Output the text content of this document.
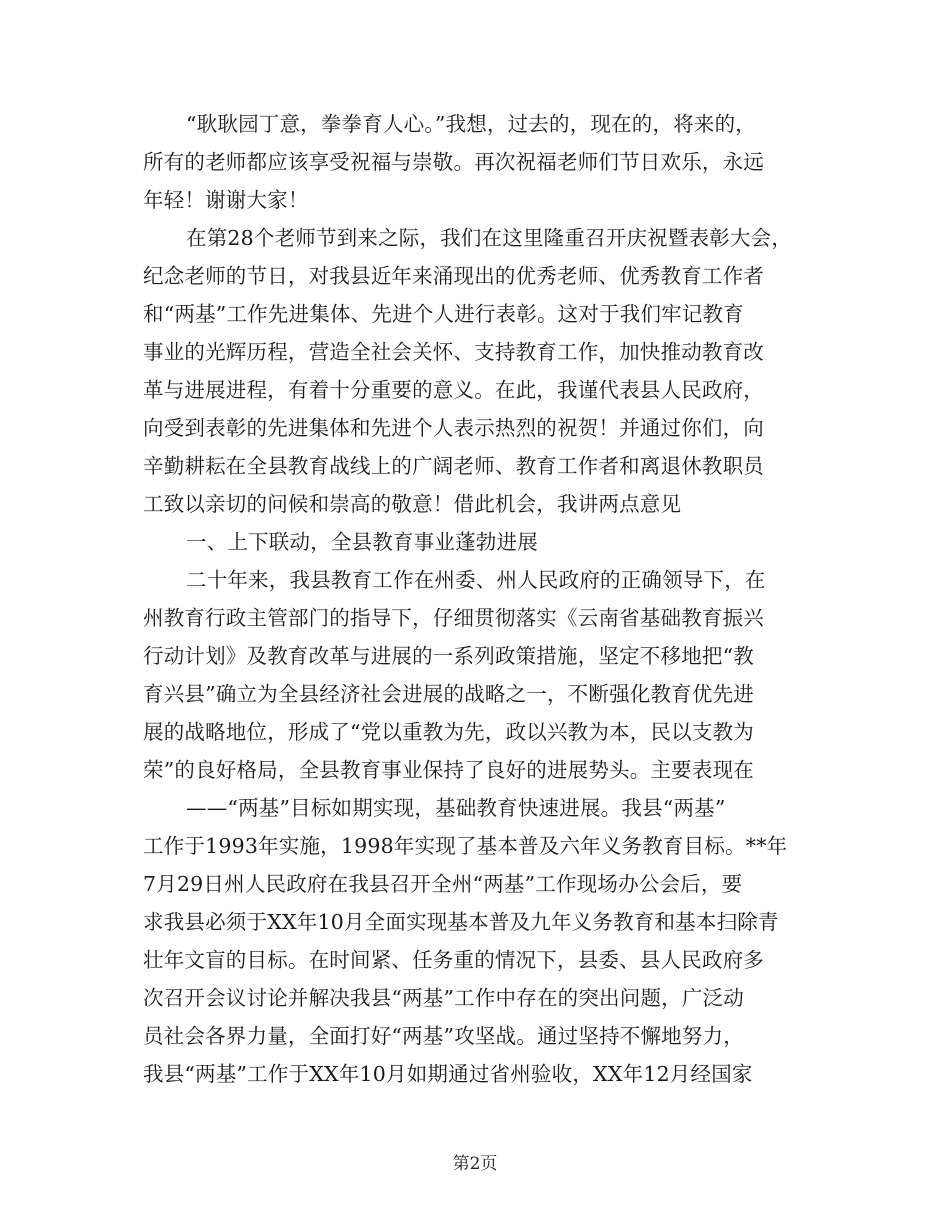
“耿耿园丁意，拳拳育人心。”我想，过去的，现在的，将来的，
所有的老师都应该享受祝福与崇敬。再次祝福老师们节日欢乐，永远
年轻！谢谢大家！
在第28个老师节到来之际，我们在这里隆重召开庆祝暨表彰大会，
纪念老师的节日，对我县近年来涌现出的优秀老师、优秀教育工作者
和“两基”工作先进集体、先进个人进行表彰。这对于我们牢记教育
事业的光辉历程，营造全社会关怀、支持教育工作，加快推动教育改
革与进展进程，有着十分重要的意义。在此，我谨代表县人民政府，
向受到表彰的先进集体和先进个人表示热烈的祝贺！并通过你们，向
辛勤耕耘在全县教育战线上的广阔老师、教育工作者和离退休教职员
工致以亲切的问候和崇高的敬意！借此机会，我讲两点意见
一、上下联动，全县教育事业蓬勃进展
二十年来，我县教育工作在州委、州人民政府的正确领导下，在
州教育行政主管部门的指导下，仔细贯彻落实《云南省基础教育振兴
行动计划》及教育改革与进展的一系列政策措施，坚定不移地把“教
育兴县”确立为全县经济社会进展的战略之一，不断强化教育优先进
展的战略地位，形成了“党以重教为先，政以兴教为本，民以支教为
荣”的良好格局，全县教育事业保持了良好的进展势头。主要表现在
——“两基”目标如期实现，基础教育快速进展。我县“两基”
工作于1993年实施，1998年实现了基本普及六年义务教育目标。**年
7月29日州人民政府在我县召开全州“两基”工作现场办公会后，要
求我县必须于XX年10月全面实现基本普及九年义务教育和基本扫除青
壮年文盲的目标。在时间紧、任务重的情况下，县委、县人民政府多
次召开会议讨论并解决我县“两基”工作中存在的突出问题，广泛动
员社会各界力量，全面打好“两基”攻坚战。通过坚持不懈地努力，
我县“两基”工作于XX年10月如期通过省州验收，XX年12月经国家
第2页
